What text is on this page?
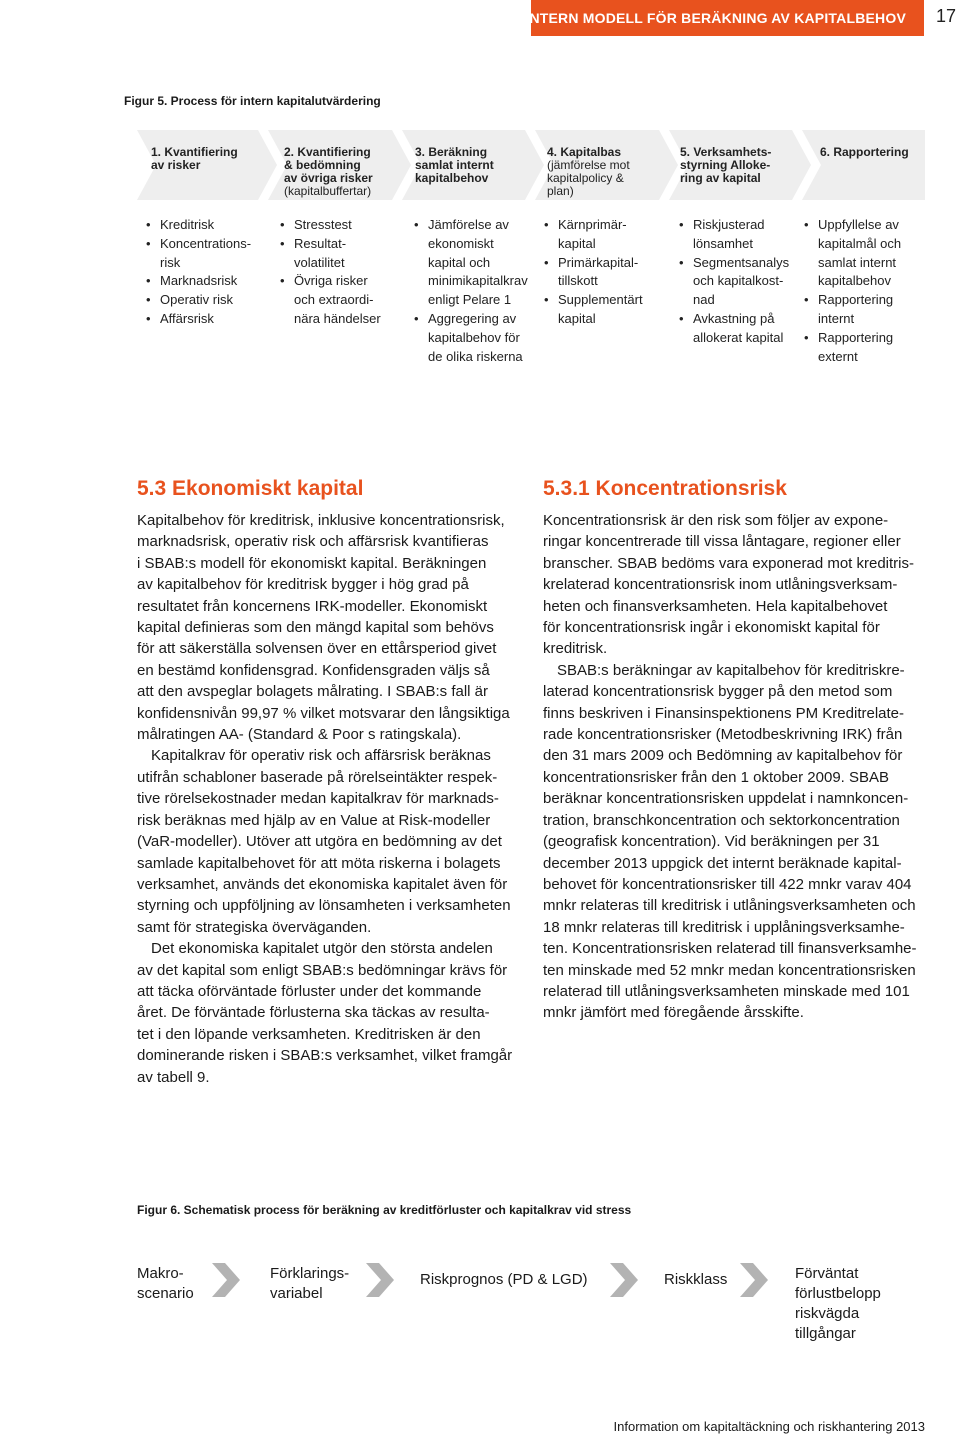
INTERN MODELL FÖR BERÄKNING AV KAPITALBEHOV 17
Figur 5. Process för intern kapitalutvärdering
1. Kvantifiering
av risker
2. Kvantifiering
& bedömning
av övriga risker
(kapitalbuffertar)
3. Beräkning
samlat internt
kapitalbehov
4. Kapitalbas
(jämförelse mot
kapitalpolicy &
plan)
5. Verksamhets-
styrning Alloke-
ring av kapital
6. Rapportering
• Kreditrisk
• Koncentrations-
risk
• Marknadsrisk
• Operativ risk
• Affärsrisk
• Stresstest
• Resultat-
volatilitet
• Övriga risker
och extraordi-
nära händelser
• Jämförelse av
ekonomiskt
kapital och
minimikapitalkrav
enligt Pelare 1
• Aggregering av
kapitalbehov för
de olika riskerna
• Kärnprimär-
kapital
• Primärkapital-
tillskott
• Supplementärt
kapital
• Riskjusterad
lönsamhet
• Segmentsanalys
och kapitalkost-
nad
• Avkastning på
allokerat kapital
• Uppfyllelse av
kapitalmål och
samlat internt
kapitalbehov
• Rapportering
internt
• Rapportering
externt
5.3 Ekonomiskt kapital
Kapitalbehov för kreditrisk, inklusive koncentrationsrisk,
marknadsrisk, operativ risk och affärsrisk kvantifieras
i SBAB:s modell för ekonomiskt kapital. Beräkningen
av kapitalbehov för kreditrisk bygger i hög grad på
resultatet från koncernens IRK-modeller. Ekonomiskt
kapital definieras som den mängd kapital som behövs
för att säkerställa solvensen över en ettårsperiod givet
en bestämd konfidensgrad. Konfidensgraden väljs så
att den avspeglar bolagets målrating. I SBAB:s fall är
konfidensnivån 99,97 % vilket motsvarar den långsiktiga
målratingen AA- (Standard & Poor s ratingskala).
Kapitalkrav för operativ risk och affärsrisk beräknas
utifrån schabloner baserade på rörelseintäkter respek-
tive rörelsekostnader medan kapitalkrav för marknads-
risk beräknas med hjälp av en Value at Risk-modeller
(VaR-modeller). Utöver att utgöra en bedömning av det
samlade kapitalbehovet för att möta riskerna i bolagets
verksamhet, används det ekonomiska kapitalet även för
styrning och uppföljning av lönsamheten i verksamheten
samt för strategiska överväganden.
Det ekonomiska kapitalet utgör den största andelen
av det kapital som enligt SBAB:s bedömningar krävs för
att täcka oförväntade förluster under det kommande
året. De förväntade förlusterna ska täckas av resulta-
tet i den löpande verksamheten. Kreditrisken är den
dominerande risken i SBAB:s verksamhet, vilket framgår
av tabell 9.
5.3.1 Koncentrationsrisk
Koncentrationsrisk är den risk som följer av expone-
ringar koncentrerade till vissa låntagare, regioner eller
branscher. SBAB bedöms vara exponerad mot kreditris-
krelaterad koncentrationsrisk inom utlåningsverksam-
heten och finansverksamheten. Hela kapitalbehovet
för koncentrationsrisk ingår i ekonomiskt kapital för
kreditrisk.
SBAB:s beräkningar av kapitalbehov för kreditriskre-
laterad koncentrationsrisk bygger på den metod som
finns beskriven i Finansinspektionens PM Kreditrelate-
rade koncentrationsrisker (Metodbeskrivning IRK) från
den 31 mars 2009 och Bedömning av kapitalbehov för
koncentrationsrisker från den 1 oktober 2009. SBAB
beräknar koncentrationsrisken uppdelat i namnkoncen-
tration, branschkoncentration och sektorkoncentration
(geografisk koncentration). Vid beräkningen per 31
december 2013 uppgick det internt beräknade kapital-
behovet för koncentrationsrisker till 422 mnkr varav 404
mnkr relateras till kreditrisk i utlåningsverksamheten och
18 mnkr relateras till kreditrisk i upplåningsverksamhe-
ten. Koncentrationsrisken relaterad till finansverksamhe-
ten minskade med 52 mnkr medan koncentrationsrisken
relaterad till utlåningsverksamheten minskade med 101
mnkr jämfört med föregående årsskifte.
Figur 6. Schematisk process för beräkning av kreditförluster och kapitalkrav vid stress
Makro-
scenario
Förklarings-
variabel
Riskprognos (PD & LGD)	Riskklass	Förväntat
förlustbelopp
riskvägda
tillgångar
Information om kapitaltäckning och riskhantering 2013
